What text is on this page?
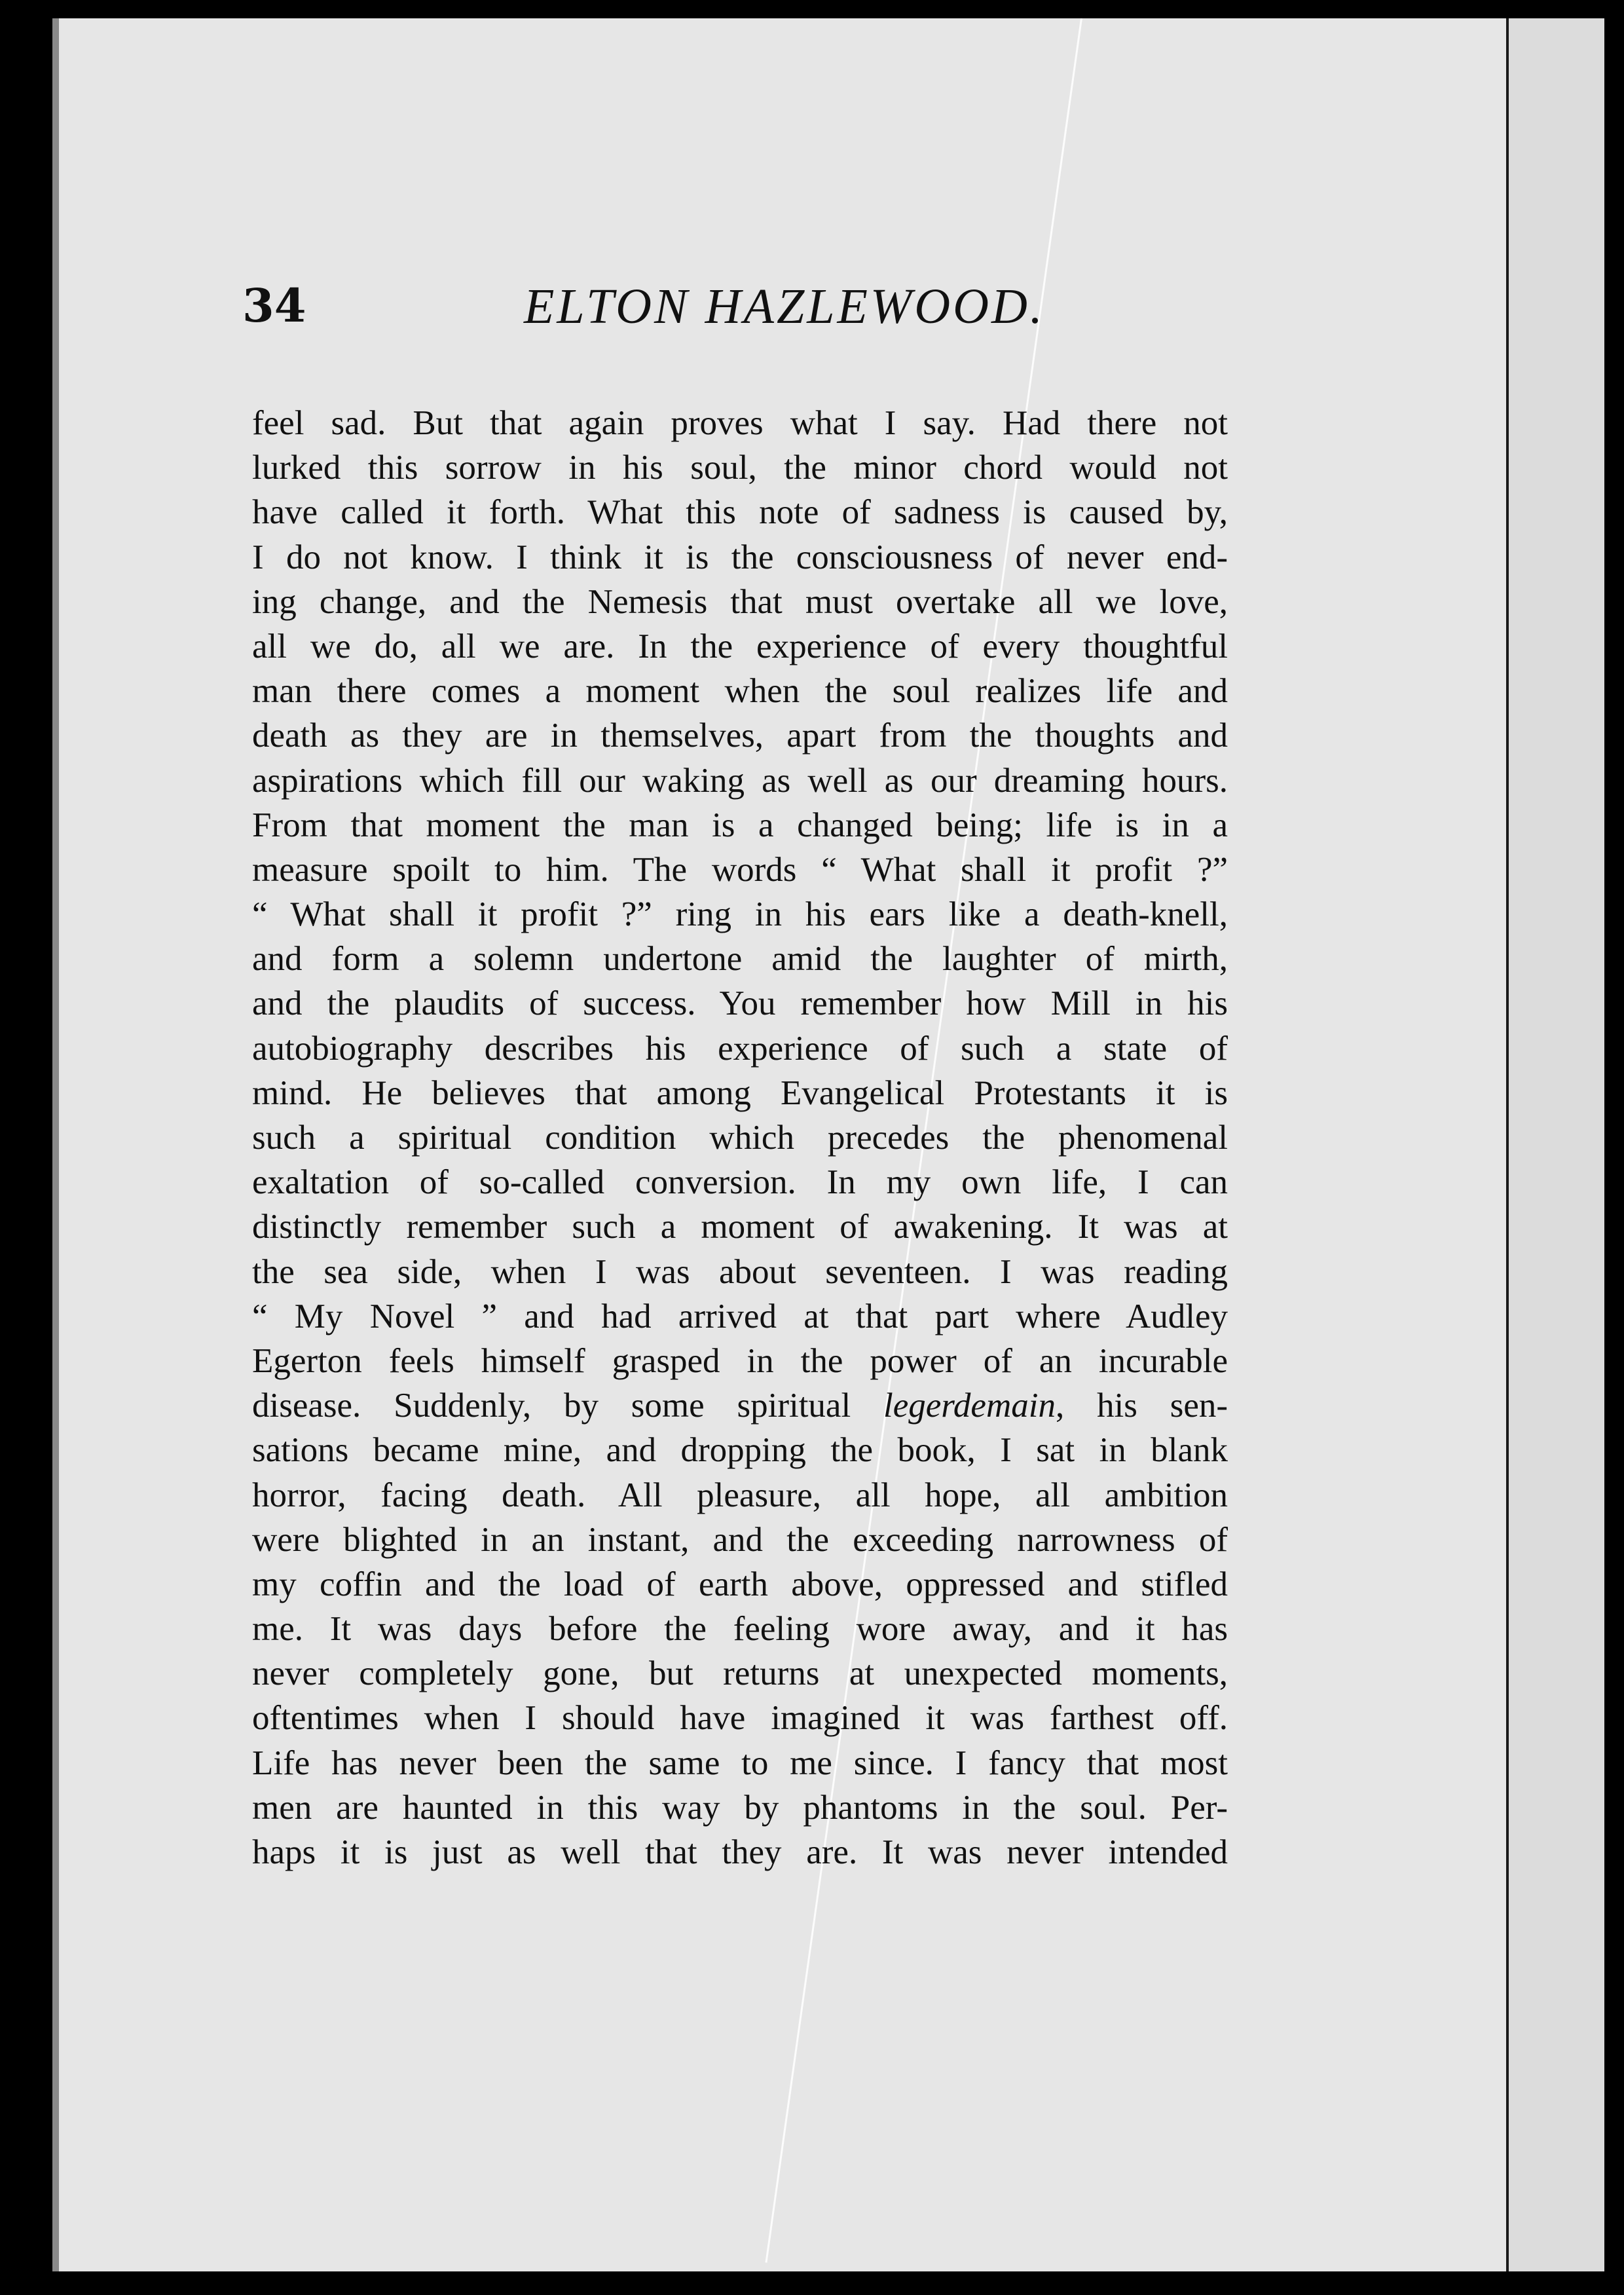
34	ELTON HAZLEWOOD.
feel sad. But that again proves what I say. Had there not
lurked this sorrow in his soul, the minor chord would not
have called it forth. What this note of sadness is caused by,
I do not know. I think it is the consciousness of never end-
ing change, and the Nemesis that must overtake all we love,
all we do, all we are. In the experience of every thoughtful
man there comes a moment when the soul realizes life and
death as they are in themselves, apart from the thoughts and
aspirations which fill our waking as well as our dreaming hours.
From that moment the man is a changed being; life is in a
measure spoilt to him. The words “ What shall it profit ?”
“ What shall it profit ?” ring in his ears like a death-knell,
and form a solemn undertone amid the laughter of mirth,
and the plaudits of success. You remember how Mill in his
autobiography describes his experience of such a state of
mind. He believes that among Evangelical Protestants it is
such a spiritual condition which precedes the phenomenal
exaltation of so-called conversion. In my own life, I can
distinctly remember such a moment of awakening. It was at
the sea side, when I was about seventeen. I was reading
“ My Novel ” and had arrived at that part where Audley
Egerton feels himself grasped in the power of an incurable
disease. Suddenly, by some spiritual legerdemain, his sen-
sations became mine, and dropping the book, I sat in blank
horror, facing death. All pleasure, all hope, all ambition
were blighted in an instant, and the exceeding narrowness of
my coffin and the load of earth above, oppressed and stifled
me. It was days before the feeling wore away, and it has
never completely gone, but returns at unexpected moments,
oftentimes when I should have imagined it was farthest off.
Life has never been the same to me since. I fancy that most
men are haunted in this way by phantoms in the soul. Per-
haps it is just as well that they are. It was never intended
